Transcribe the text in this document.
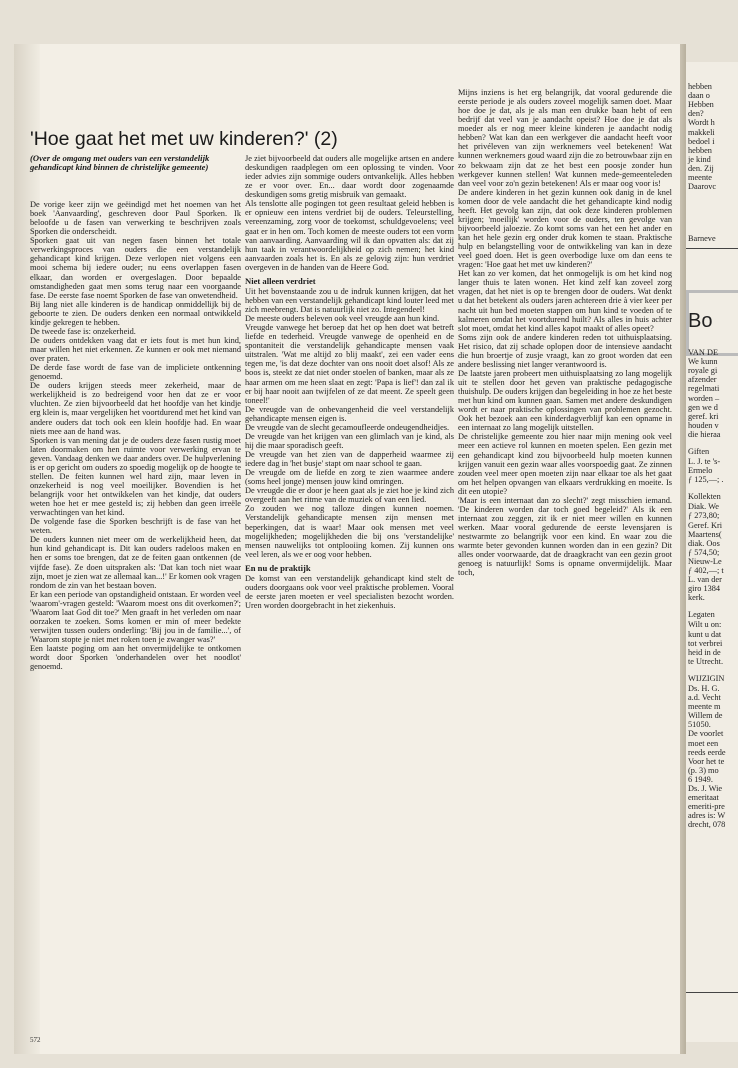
'Hoe gaat het met uw kinderen?' (2)
(Over de omgang met ouders van een verstandelijk gehandicapt kind binnen de christelijke gemeente)

De vorige keer zijn we geëindigd met het noemen van het boek 'Aanvaarding', geschreven door Paul Sporken. Ik beloofde u de fasen van verwerking te beschrijven zoals Sporken die onderscheidt.

Sporken gaat uit van negen fasen binnen het totale verwerkingsproces van ouders die een verstandelijk gehandicapt kind krijgen. Deze verlopen niet volgens een mooi schema bij iedere ouder; nu eens overlappen fasen elkaar, dan worden er overgeslagen. Door bepaalde omstandigheden gaat men soms terug naar een voorgaande fase. De eerste fase noemt Sporken de fase van onwetendheid.

Bij lang niet alle kinderen is de handicap onmiddellijk bij de geboorte te zien. De ouders denken een normaal ontwikkeld kindje gekregen te hebben.

De tweede fase is: onzekerheid.

De ouders ontdekken vaag dat er iets fout is met hun kind, maar willen het niet erkennen. Ze kunnen er ook met niemand over praten.

De derde fase wordt de fase van de impliciete ontkenning genoemd.

De ouders krijgen steeds meer zekerheid, maar de werkelijkheid is zo bedreigend voor hen dat ze er voor vluchten. Ze zien bijvoorbeeld dat het hoofdje van het kindje erg klein is, maar vergelijken het voortdurend met het kind van andere ouders dat toch ook een klein hoofdje had. En waar niets mee aan de hand was.

Sporken is van mening dat je de ouders deze fasen rustig moet laten doormaken om hen ruimte voor verwerking ervan te geven. Vandaag denken we daar anders over. De hulpverlening is er op gericht om ouders zo spoedig mogelijk op de hoogte te stellen. De feiten kunnen wel hard zijn, maar leven in onzekerheid is nog veel moeilijker. Bovendien is het belangrijk voor het ontwikkelen van het kindje, dat ouders weten hoe het er mee gesteld is; zij hebben dan geen irreële verwachtingen van het kind.

De volgende fase die Sporken beschrijft is de fase van het weten.

De ouders kunnen niet meer om de werkelijkheid heen, dat hun kind gehandicapt is. Dit kan ouders radeloos maken en hen er soms toe brengen, dat ze de feiten gaan ontkennen (de vijfde fase). Ze doen uitspraken als: 'Dat kan toch niet waar zijn, moet je zien wat ze allemaal kan...!' Er komen ook vragen rondom de zin van het bestaan boven.

Er kan een periode van opstandigheid ontstaan. Er worden veel 'waarom'-vragen gesteld: 'Waarom moest ons dit overkomen?'; 'Waarom laat God dit toe?' Men graaft in het verleden om naar oorzaken te zoeken. Soms komen er min of meer bedekte verwijten tussen ouders onderling: 'Bij jou in de familie...', of 'Waarom stopte je niet met roken toen je zwanger was?'

Een laatste poging om aan het onvermijdelijke te ontkomen wordt door Sporken 'onderhandelen over het noodlot' genoemd.

Je ziet bijvoorbeeld dat ouders alle mogelijke artsen en andere deskundigen raadplegen om een oplossing te vinden. Voor ieder advies zijn sommige ouders ontvankelijk. Alles hebben ze er voor over. En... daar wordt door zogenaamde deskundigen soms gretig misbruik van gemaakt.

Als tenslotte alle pogingen tot geen resultaat geleid hebben is er opnieuw een intens verdriet bij de ouders. Teleurstelling, vereenzaming, zorg voor de toekomst, schuldgevoelens; veel gaat er in hen om. Toch komen de meeste ouders tot een vorm van aanvaarding. Aanvaarding wil ik dan opvatten als: dat zij hun taak in verantwoordelijkheid op zich nemen; het kind aanvaarden zoals het is. En als ze gelovig zijn: hun verdriet overgeven in de handen van de Heere God.

Niet alleen verdriet

Uit het bovenstaande zou u de indruk kunnen krijgen, dat het hebben van een verstandelijk gehandicapt kind louter leed met zich meebrengt. Dat is natuurlijk niet zo. Integendeel!

De meeste ouders beleven ook veel vreugde aan hun kind.

Vreugde vanwege het beroep dat het op hen doet wat betreft liefde en tederheid. Vreugde vanwege de openheid en de spontaniteit die verstandelijk gehandicapte mensen vaak uitstralen. 'Wat me altijd zo blij maakt', zei een vader eens tegen me, 'is dat deze dochter van ons nooit doet alsof! Als ze boos is, steekt ze dat niet onder stoelen of banken, maar als ze haar armen om me heen slaat en zegt: 'Papa is lief'! dan zal ik er bij haar nooit aan twijfelen of ze dat meent. Ze speelt geen toneel!'

De vreugde van de onbevangenheid die veel verstandelijk gehandicapte mensen eigen is.

De vreugde van de slecht gecamoufleerde ondeugendheidjes.

De vreugde van het krijgen van een glimlach van je kind, als hij die maar sporadisch geeft.

De vreugde van het zien van de dapperheid waarmee zij iedere dag in 'het busje' stapt om naar school te gaan.

De vreugde om de liefde en zorg te zien waarmee andere (soms heel jonge) mensen jouw kind omringen.

De vreugde die er door je heen gaat als je ziet hoe je kind zich overgeeft aan het ritme van de muziek of van een lied.

Zo zouden we nog talloze dingen kunnen noemen. Verstandelijk gehandicapte mensen zijn mensen met beperkingen, dat is waar! Maar ook mensen met veel mogelijkheden; mogelijkheden die bij ons 'verstandelijke' mensen nauwelijks tot ontplooiing komen. Zij kunnen ons veel leren, als we er oog voor hebben.

En nu de praktijk

De komst van een verstandelijk gehandicapt kind stelt de ouders doorgaans ook voor veel praktische problemen. Vooral de eerste jaren moeten er veel specialisten bezocht worden. Uren worden doorgebracht in het ziekenhuis.

Mijns inziens is het erg belangrijk, dat vooral gedurende die eerste periode je als ouders zoveel mogelijk samen doet. Maar hoe doe je dat, als je als man een drukke baan hebt of een bedrijf dat veel van je aandacht opeist? Hoe doe je dat als moeder als er nog meer kleine kinderen je aandacht nodig hebben? Wat kan dan een werkgever die aandacht heeft voor het privéleven van zijn werknemers veel betekenen! Wat kunnen werknemers goud waard zijn die zo betrouwbaar zijn en zo bekwaam zijn dat ze het best een poosje zonder hun werkgever kunnen stellen! Wat kunnen mede-gemeenteleden dan veel voor zo'n gezin betekenen! Als er maar oog voor is!

De andere kinderen in het gezin kunnen ook danig in de knel komen door de vele aandacht die het gehandicapte kind nodig heeft. Het gevolg kan zijn, dat ook deze kinderen problemen krijgen; 'moeilijk' worden voor de ouders, ten gevolge van bijvoorbeeld jaloezie. Zo komt soms van het een het ander en kan het hele gezin erg onder druk komen te staan. Praktische hulp en belangstelling voor de ontwikkeling van kan in deze veel goed doen. Het is geen overbodige luxe om dan eens te vragen: 'Hoe gaat het met uw kinderen?'

Het kan zo ver komen, dat het onmogelijk is om het kind nog langer thuis te laten wonen. Het kind zelf kan zoveel zorg vragen, dat het niet is op te brengen door de ouders. Wat denkt u dat het betekent als ouders jaren achtereen drie à vier keer per nacht uit hun bed moeten stappen om hun kind te voeden of te kalmeren omdat het voortdurend huilt? Als alles in huis achter slot moet, omdat het kind alles kapot maakt of alles opeet?

Soms zijn ook de andere kinderen reden tot uithuisplaatsing. Het risico, dat zij schade oplopen door de intensieve aandacht die hun broertje of zusje vraagt, kan zo groot worden dat een andere beslissing niet langer verantwoord is.

De laatste jaren probeert men uithuisplaatsing zo lang mogelijk uit te stellen door het geven van praktische pedagogische thuishulp. De ouders krijgen dan begeleiding in hoe ze het beste met hun kind om kunnen gaan. Samen met andere deskundigen wordt er naar praktische oplossingen van problemen gezocht. Ook het bezoek aan een kinderdagverblijf kan een opname in een internaat zo lang mogelijk uitstellen.

De christelijke gemeente zou hier naar mijn mening ook veel meer een actieve rol kunnen en moeten spelen. Een gezin met een gehandicapt kind zou bijvoorbeeld hulp moeten kunnen krijgen vanuit een gezin waar alles voorspoedig gaat. Ze zinnen zouden veel meer open moeten zijn naar elkaar toe als het gaat om het helpen opvangen van elkaars verdrukking en moeite. Is dit een utopie?

'Maar is een internaat dan zo slecht?' zegt misschien iemand. 'De kinderen worden dar toch goed begeleid?' Als ik een internaat zou zeggen, zit ik er niet meer willen en kunnen werken. Maar vooral gedurende de eerste levensjaren is nestwarmte zo belangrijk voor een kind. En waar zou die warmte beter gevonden kunnen worden dan in een gezin? Dit alles onder voorwaarde, dat de draagkracht van een gezin groot genoeg is natuurlijk! Soms is opname onvermijdelijk. Maar toch,

572
Bo
hebben
daan o
Hebben
den?
Wordt h
makkeli
bedoel i
hebben
je kind
den. Zij
meente
Daarovc
Barneve
VAN DE
We kunn
royale gi
afzender
regelmati
worden –
gen we d
geref. kri
houden v
die hieraa
Giften
L. J. te 's-
Ermelo
ƒ 125,—; .
Kollekten
Diak. We
ƒ 273,80;
Geref. Kri
Maartens(
diak. Oos
ƒ 574,50;
Nieuw-Le
ƒ 402,—; t
L. van der
giro 1384
kerk.
Legaten
Wilt u on:
kunt u dat
tot verbrei
heid in de
te Utrecht.
WIJZIGIN
Ds. H. G.
a.d. Vecht
meente m
Willem de
51050.
De voorlet
moet een
reeds eerde
Voor het te
(p. 3) mo
6 1949.
Ds. J. Wie
emeritaat
emeriti-pre
adres is: W
drecht, 078
